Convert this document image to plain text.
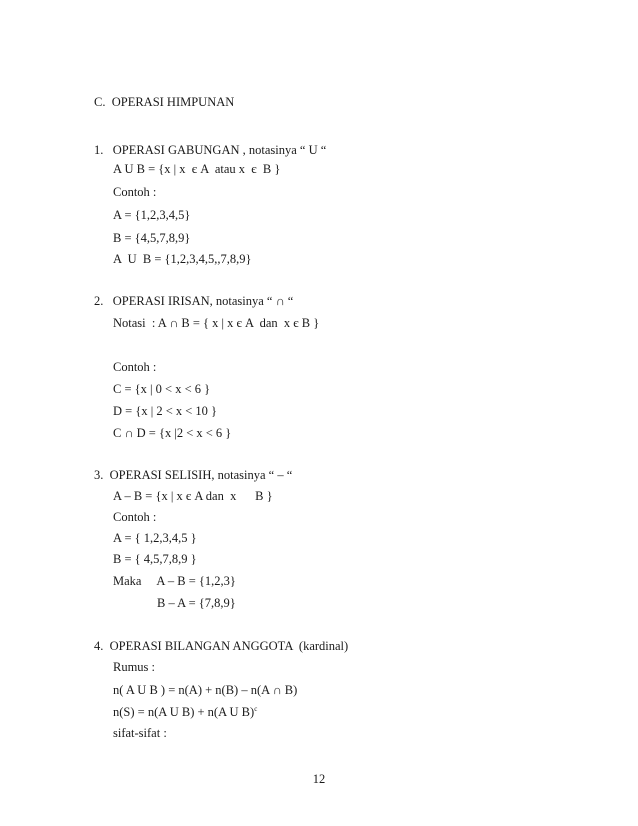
C.  OPERASI HIMPUNAN
1.   OPERASI GABUNGAN , notasinya “ U “
A U B = {x | x  є A  atau x  є  B }
Contoh :
A = {1,2,3,4,5}
B = {4,5,7,8,9}
A  U  B = {1,2,3,4,5,,7,8,9}
2.   OPERASI IRISAN, notasinya “ ∩ “
Notasi  : A ∩ B = { x | x є A  dan  x є B }
Contoh :
C = {x | 0 < x < 6 }
D = {x | 2 < x < 10 }
C ∩ D = {x |2 < x < 6 }
3.  OPERASI SELISIH, notasinya “ – “
A – B = {x | x є A dan  x      B }
Contoh :
A = { 1,2,3,4,5 }
B = { 4,5,7,8,9 }
Maka     A – B = {1,2,3}
B – A = {7,8,9}
4.  OPERASI BILANGAN ANGGOTA  (kardinal)
Rumus :
n( A U B ) = n(A) + n(B) – n(A ∩ B)
n(S) = n(A U B) + n(A U B)$^c$
sifat-sifat :
12
